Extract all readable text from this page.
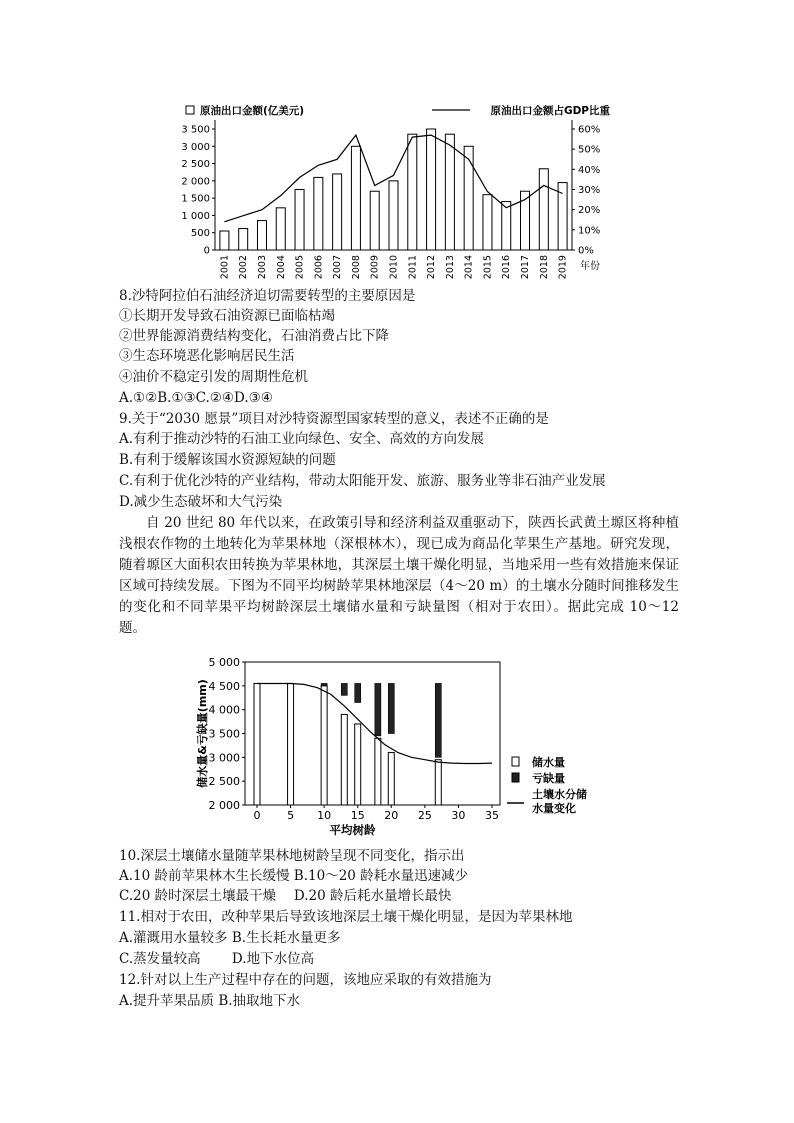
0
500
1 000
1 500
2 000
2 500
3 000
3 500
0%
10%
20%
30%
40%
50%
60%
2001 2002 2003 2004 2005 2006 2007 2008 2009 2010 2011 2012 2013 2014 2015 2016 2017 2018 2019
原油出口金额(亿美元)	原油出口金额占GDP比重
年份
8.沙特阿拉伯石油经济迫切需要转型的主要原因是
①长期开发导致石油资源已面临枯竭
②世界能源消费结构变化，石油消费占比下降
③生态环境恶化影响居民生活
④油价不稳定引发的周期性危机
A.①②B.①③C.②④D.③④
9.关于“2030 愿景”项目对沙特资源型国家转型的意义，表述不正确的是
A.有利于推动沙特的石油工业向绿色、安全、高效的方向发展
B.有利于缓解该国水资源短缺的问题
C.有利于优化沙特的产业结构，带动太阳能开发、旅游、服务业等非石油产业发展
D.减少生态破坏和大气污染
自 20 世纪 80 年代以来，在政策引导和经济利益双重驱动下，陕西长武黄土塬区将种植浅根农作物的土地转化为苹果林地（深根林木），现已成为商品化苹果生产基地。研究发现，随着塬区大面积农田转换为苹果林地，其深层土壤干燥化明显，当地采用一些有效措施来保证区域可持续发展。下图为不同平均树龄苹果林地深层（4～20 m）的土壤水分随时间推移发生的变化和不同苹果平均树龄深层土壤储水量和亏缺量图（相对于农田）。据此完成 10～12 题。
2 000
2 500
3 000
3 500
4 000
4 500
5 000
0 5 10 15 20 25 30 35
储水量&亏缺量(mm)
平均树龄
储水量
亏缺量
土壤水分储
水量变化
10.深层土壤储水量随苹果林地树龄呈现不同变化，指示出
A.10 龄前苹果林木生长缓慢 B.10～20 龄耗水量迅速减少
C.20 龄时深层土壤最干燥　 D.20 龄后耗水量增长最快
11.相对于农田，改种苹果后导致该地深层土壤干燥化明显，是因为苹果林地
A.灌溉用水量较多 B.生长耗水量更多
C.蒸发量较高　　 D.地下水位高
12.针对以上生产过程中存在的问题，该地应采取的有效措施为
A.提升苹果品质 B.抽取地下水
